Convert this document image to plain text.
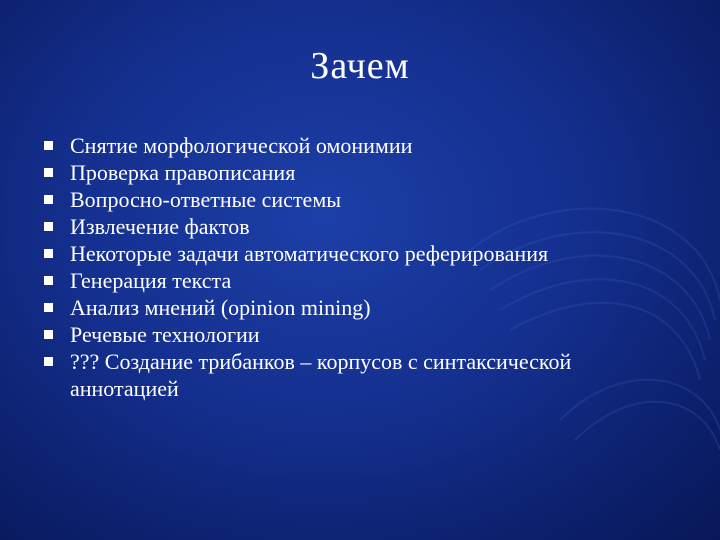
Зачем
Снятие морфологической омонимии
Проверка правописания
Вопросно-ответные системы
Извлечение фактов
Некоторые задачи автоматического реферирования
Генерация текста
Анализ мнений (opinion mining)
Речевые технологии
??? Создание трибанков – корпусов с синтаксической аннотацией
